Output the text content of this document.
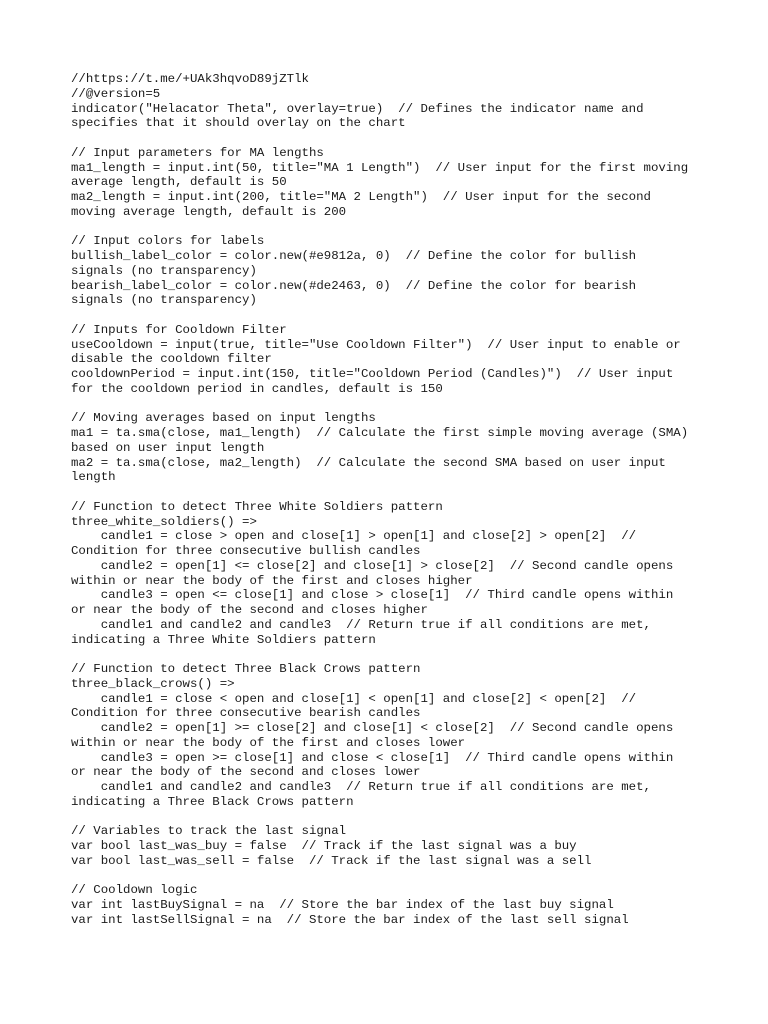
//https://t.me/+UAk3hqvoD89jZTlk
//@version=5
indicator("Helacator Theta", overlay=true)  // Defines the indicator name and
specifies that it should overlay on the chart
// Input parameters for MA lengths
ma1_length = input.int(50, title="MA 1 Length")  // User input for the first moving
average length, default is 50
ma2_length = input.int(200, title="MA 2 Length")  // User input for the second
moving average length, default is 200
// Input colors for labels
bullish_label_color = color.new(#e9812a, 0)  // Define the color for bullish
signals (no transparency)
bearish_label_color = color.new(#de2463, 0)  // Define the color for bearish
signals (no transparency)
// Inputs for Cooldown Filter
useCooldown = input(true, title="Use Cooldown Filter")  // User input to enable or
disable the cooldown filter
cooldownPeriod = input.int(150, title="Cooldown Period (Candles)")  // User input
for the cooldown period in candles, default is 150
// Moving averages based on input lengths
ma1 = ta.sma(close, ma1_length)  // Calculate the first simple moving average (SMA)
based on user input length
ma2 = ta.sma(close, ma2_length)  // Calculate the second SMA based on user input
length
// Function to detect Three White Soldiers pattern
three_white_soldiers() =>
candle1 = close > open and close[1] > open[1] and close[2] > open[2]  //
Condition for three consecutive bullish candles
candle2 = open[1] <= close[2] and close[1] > close[2]  // Second candle opens
within or near the body of the first and closes higher
candle3 = open <= close[1] and close > close[1]  // Third candle opens within
or near the body of the second and closes higher
candle1 and candle2 and candle3  // Return true if all conditions are met,
indicating a Three White Soldiers pattern
// Function to detect Three Black Crows pattern
three_black_crows() =>
candle1 = close < open and close[1] < open[1] and close[2] < open[2]  //
Condition for three consecutive bearish candles
candle2 = open[1] >= close[2] and close[1] < close[2]  // Second candle opens
within or near the body of the first and closes lower
candle3 = open >= close[1] and close < close[1]  // Third candle opens within
or near the body of the second and closes lower
candle1 and candle2 and candle3  // Return true if all conditions are met,
indicating a Three Black Crows pattern
// Variables to track the last signal
var bool last_was_buy = false  // Track if the last signal was a buy
var bool last_was_sell = false  // Track if the last signal was a sell
// Cooldown logic
var int lastBuySignal = na  // Store the bar index of the last buy signal
var int lastSellSignal = na  // Store the bar index of the last sell signal
